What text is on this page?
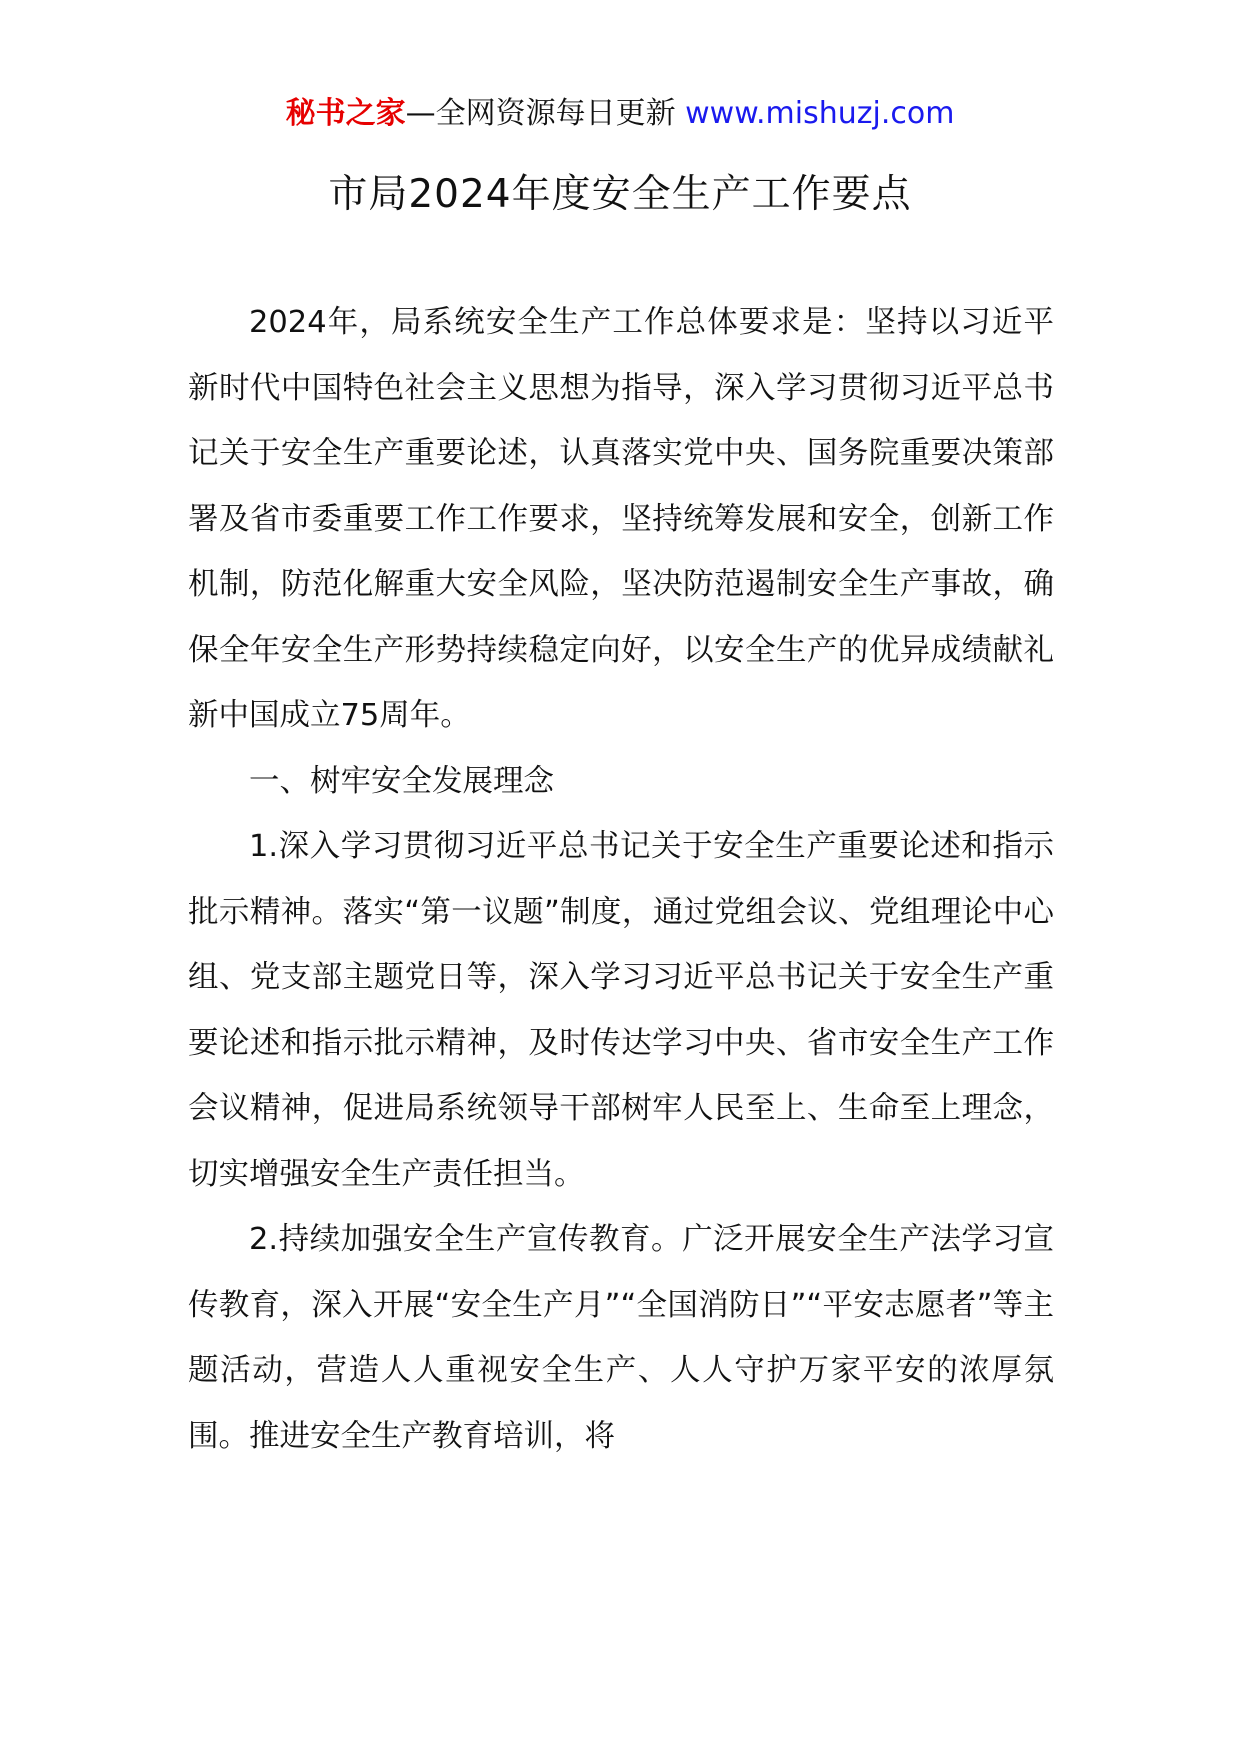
秘书之家—全网资源每日更新 www.mishuzj.com
市局2024年度安全生产工作要点

2024年，局系统安全生产工作总体要求是：坚持以习近平新时代中国特色社会主义思想为指导，深入学习贯彻习近平总书记关于安全生产重要论述，认真落实党中央、国务院重要决策部署及省市委重要工作工作要求，坚持统筹发展和安全，创新工作机制，防范化解重大安全风险，坚决防范遏制安全生产事故，确保全年安全生产形势持续稳定向好，以安全生产的优异成绩献礼新中国成立75周年。

一、树牢安全发展理念

1.深入学习贯彻习近平总书记关于安全生产重要论述和指示批示精神。落实“第一议题”制度，通过党组会议、党组理论中心组、党支部主题党日等，深入学习习近平总书记关于安全生产重要论述和指示批示精神，及时传达学习中央、省市安全生产工作会议精神，促进局系统领导干部树牢人民至上、生命至上理念，切实增强安全生产责任担当。

2.持续加强安全生产宣传教育。广泛开展安全生产法学习宣传教育，深入开展“安全生产月”“全国消防日”“平安志愿者”等主题活动，营造人人重视安全生产、人人守护万家平安的浓厚氛围。推进安全生产教育培训，将
